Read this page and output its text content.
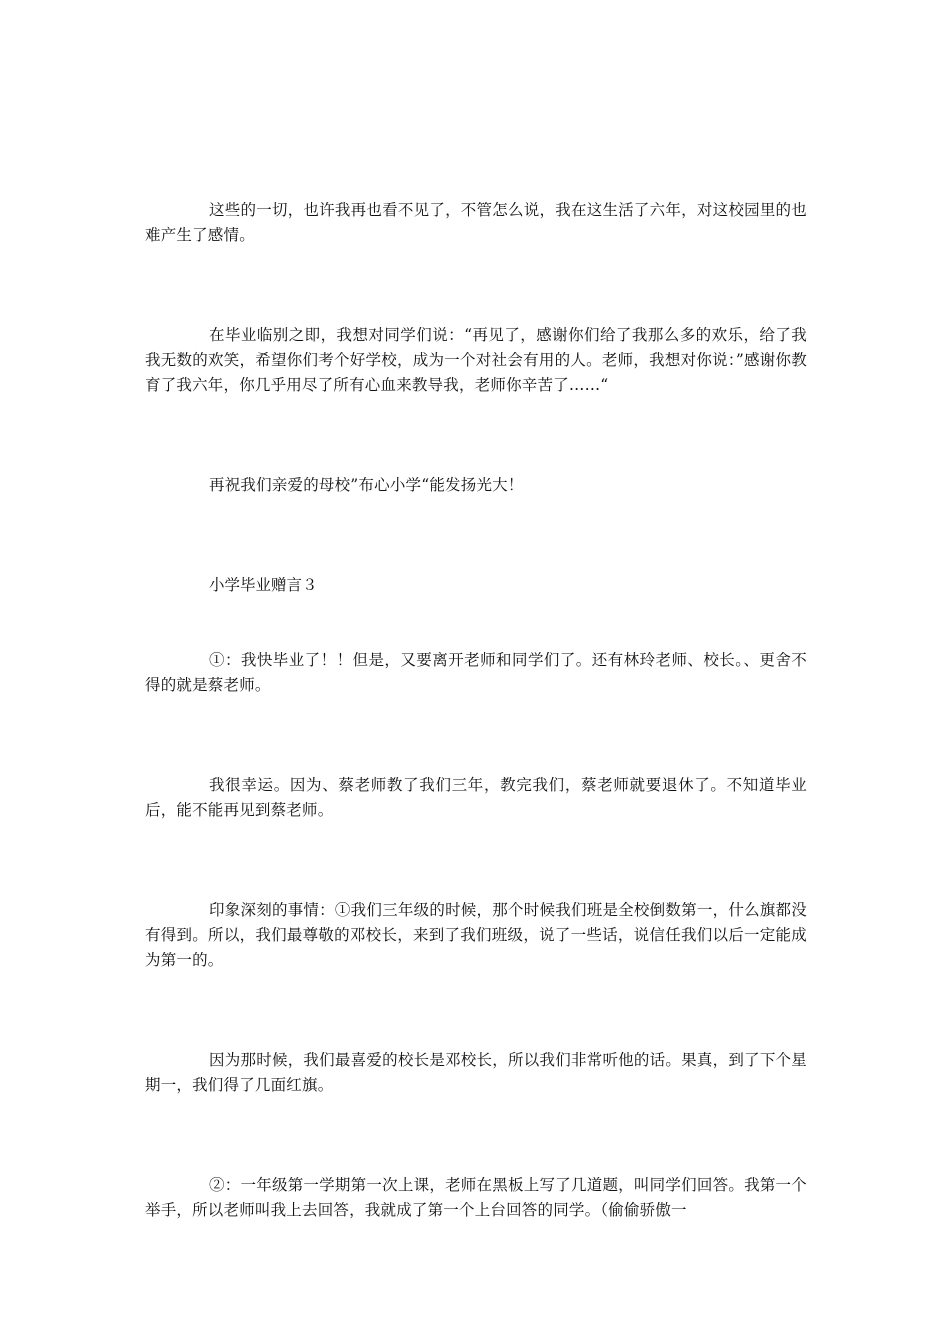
这些的一切，也许我再也看不见了，不管怎么说，我在这生活了六年，对这校园里的也难产生了感情。

在毕业临别之即，我想对同学们说：“再见了，感谢你们给了我那么多的欢乐，给了我我无数的欢笑，希望你们考个好学校，成为一个对社会有用的人。老师，我想对你说：”感谢你教育了我六年，你几乎用尽了所有心血来教导我，老师你辛苦了……“

再祝我们亲爱的母校”布心小学“能发扬光大！

小学毕业赠言３

①：我快毕业了！！但是，又要离开老师和同学们了。还有林玲老师、校长。、更舍不得的就是蔡老师。

我很幸运。因为、蔡老师教了我们三年，教完我们，蔡老师就要退休了。不知道毕业后，能不能再见到蔡老师。

印象深刻的事情：①我们三年级的时候，那个时候我们班是全校倒数第一，什么旗都没有得到。所以，我们最尊敬的邓校长，来到了我们班级，说了一些话，说信任我们以后一定能成为第一的。

因为那时候，我们最喜爱的校长是邓校长，所以我们非常听他的话。果真，到了下个星期一，我们得了几面红旗。

②：一年级第一学期第一次上课，老师在黑板上写了几道题，叫同学们回答。我第一个举手，所以老师叫我上去回答，我就成了第一个上台回答的同学。（偷偷骄傲一
